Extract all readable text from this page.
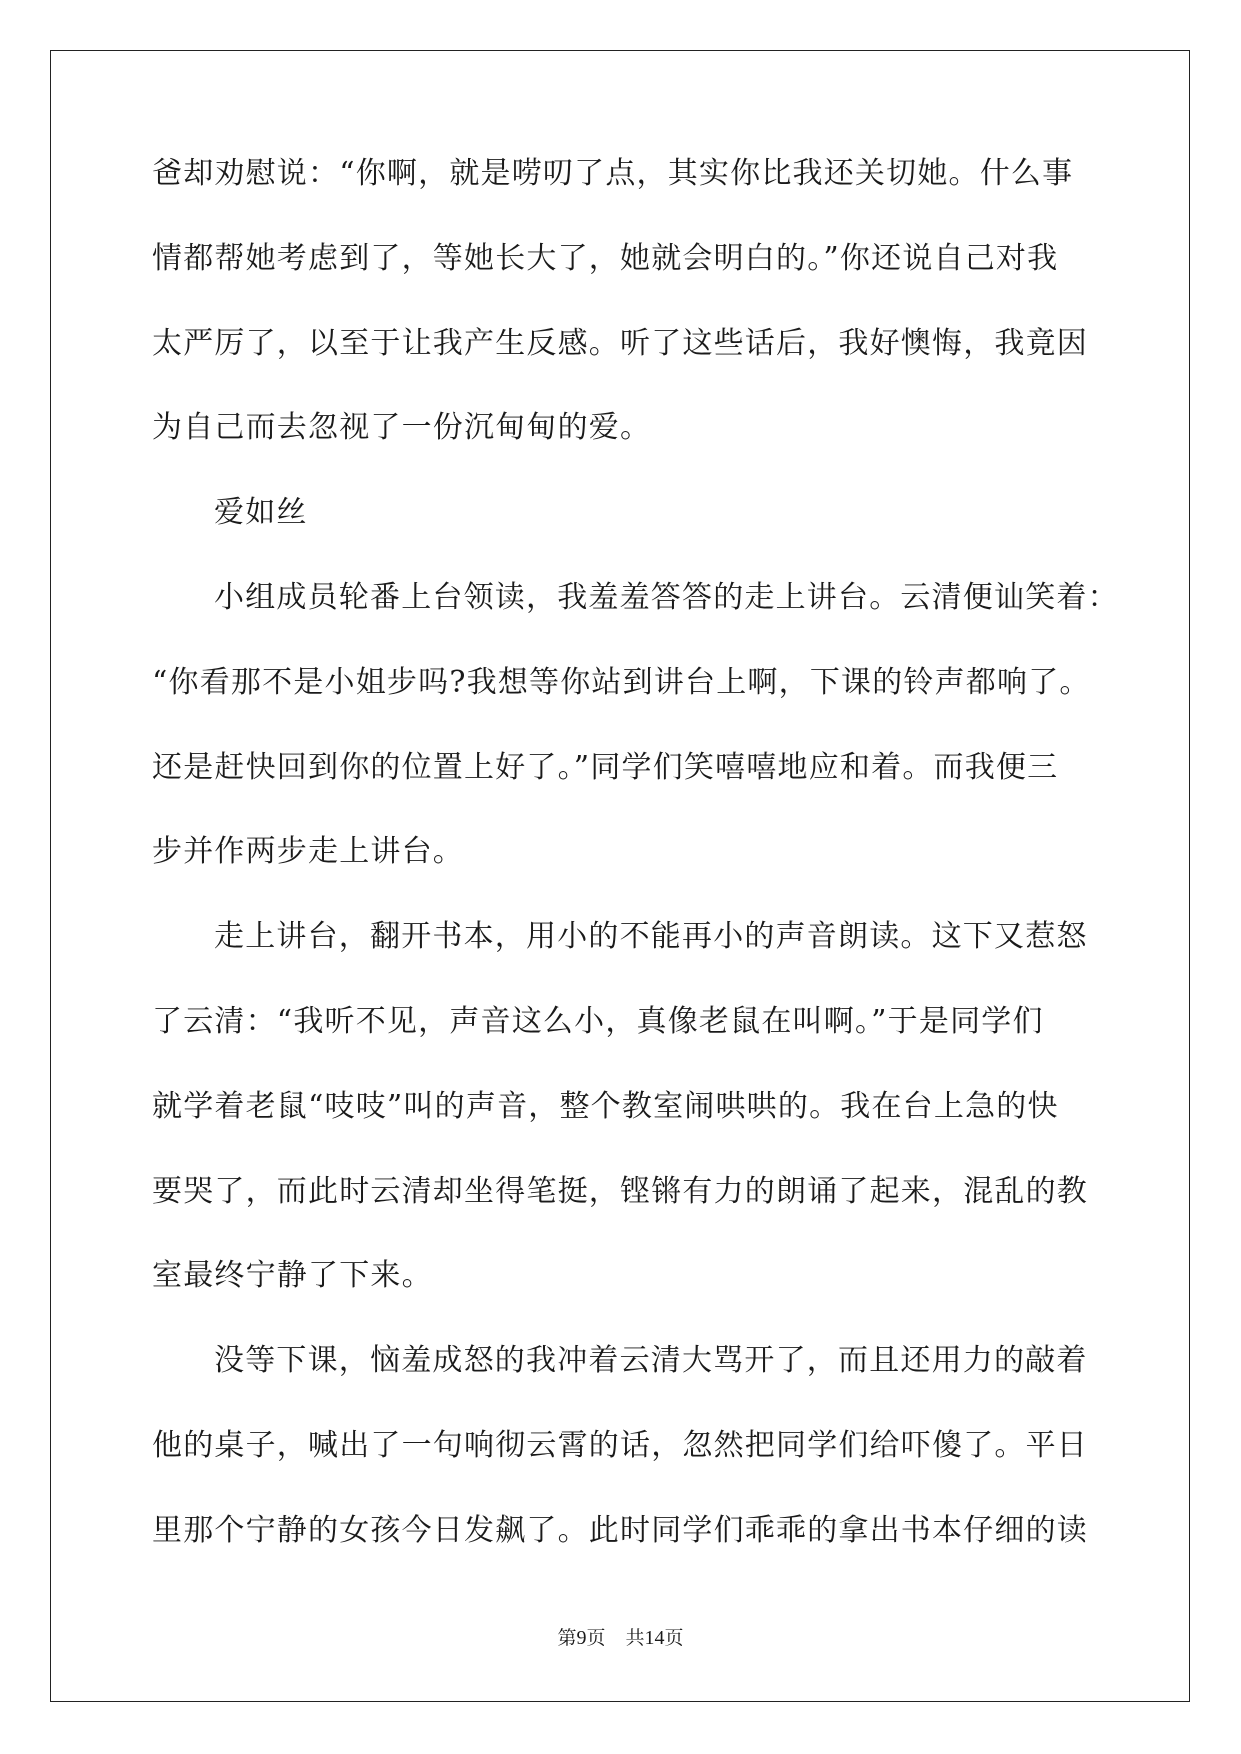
爸却劝慰说：“你啊，就是唠叨了点，其实你比我还关切她。什么事
情都帮她考虑到了，等她长大了，她就会明白的。”你还说自己对我
太严厉了，以至于让我产生反感。听了这些话后，我好懊悔，我竟因
为自己而去忽视了一份沉甸甸的爱。
爱如丝
小组成员轮番上台领读，我羞羞答答的走上讲台。云清便讪笑着：
“你看那不是小姐步吗?我想等你站到讲台上啊，下课的铃声都响了。
还是赶快回到你的位置上好了。”同学们笑嘻嘻地应和着。而我便三
步并作两步走上讲台。
走上讲台，翻开书本，用小的不能再小的声音朗读。这下又惹怒
了云清：“我听不见，声音这么小，真像老鼠在叫啊。”于是同学们
就学着老鼠“吱吱”叫的声音，整个教室闹哄哄的。我在台上急的快
要哭了，而此时云清却坐得笔挺，铿锵有力的朗诵了起来，混乱的教
室最终宁静了下来。
没等下课，恼羞成怒的我冲着云清大骂开了，而且还用力的敲着
他的桌子，喊出了一句响彻云霄的话，忽然把同学们给吓傻了。平日
里那个宁静的女孩今日发飙了。此时同学们乖乖的拿出书本仔细的读
第9页 共14页
